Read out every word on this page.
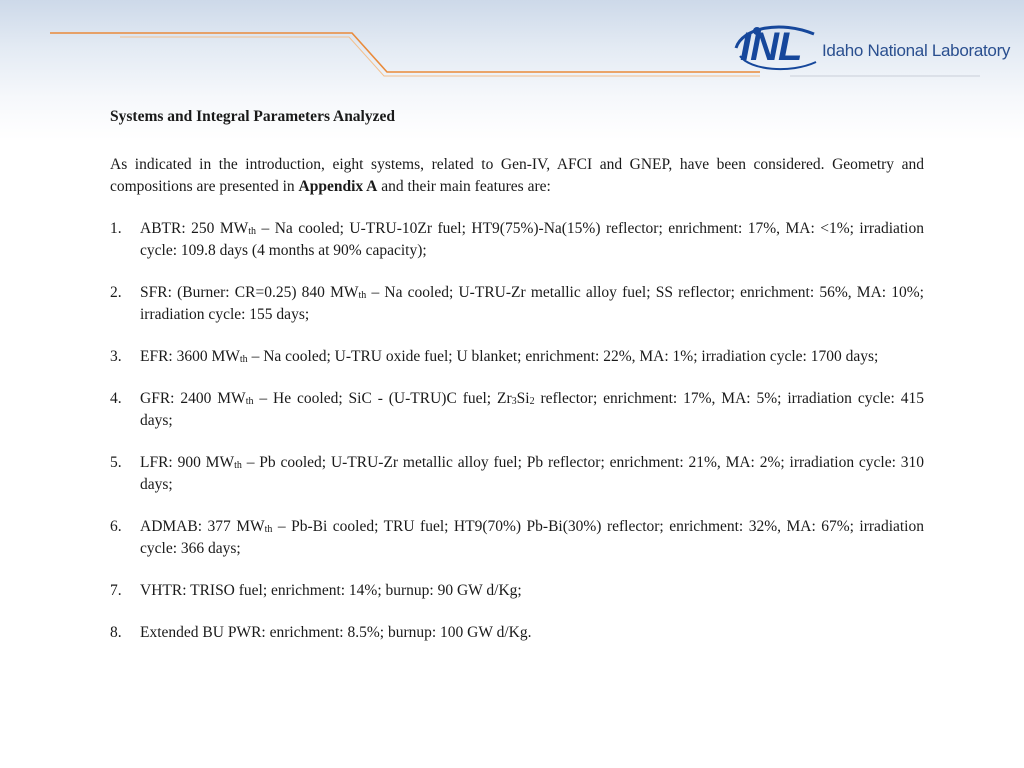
INL Idaho National Laboratory
Systems and Integral Parameters Analyzed

As indicated in the introduction, eight systems, related to Gen-IV, AFCI and GNEP, have been considered. Geometry and compositions are presented in Appendix A and their main features are:

1. ABTR: 250 $MW_{th}$ – Na cooled; U-TRU-10Zr fuel; HT9(75%)-Na(15%) reflector; enrichment: 17%, MA: <1%; irradiation cycle: 109.8 days (4 months at 90% capacity);
2. SFR: (Burner: CR=0.25) 840 $MW_{th}$ – Na cooled; U-TRU-Zr metallic alloy fuel; SS reflector; enrichment: 56%, MA: 10%; irradiation cycle: 155 days;
3. EFR: 3600 $MW_{th}$ – Na cooled; U-TRU oxide fuel; U blanket; enrichment: 22%, MA: 1%; irradiation cycle: 1700 days;
4. GFR: 2400 $MW_{th}$ – He cooled; SiC - (U-TRU)C fuel; $Zr_3Si_2$ reflector; enrichment: 17%, MA: 5%; irradiation cycle: 415 days;
5. LFR: 900 $MW_{th}$ – Pb cooled; U-TRU-Zr metallic alloy fuel; Pb reflector; enrichment: 21%, MA: 2%; irradiation cycle: 310 days;
6. ADMAB: 377 $MW_{th} - Pb-Bi$ cooled; TRU fuel; HT9(70%) Pb-Bi(30%) reflector; enrichment: 32%, MA: 67%; irradiation cycle: 366 days;
7. VHTR: TRISO fuel; enrichment: 14%; burnup: 90 GW d/Kg;
8. Extended BU PWR: enrichment: 8.5%; burnup: 100 GW d/Kg.
